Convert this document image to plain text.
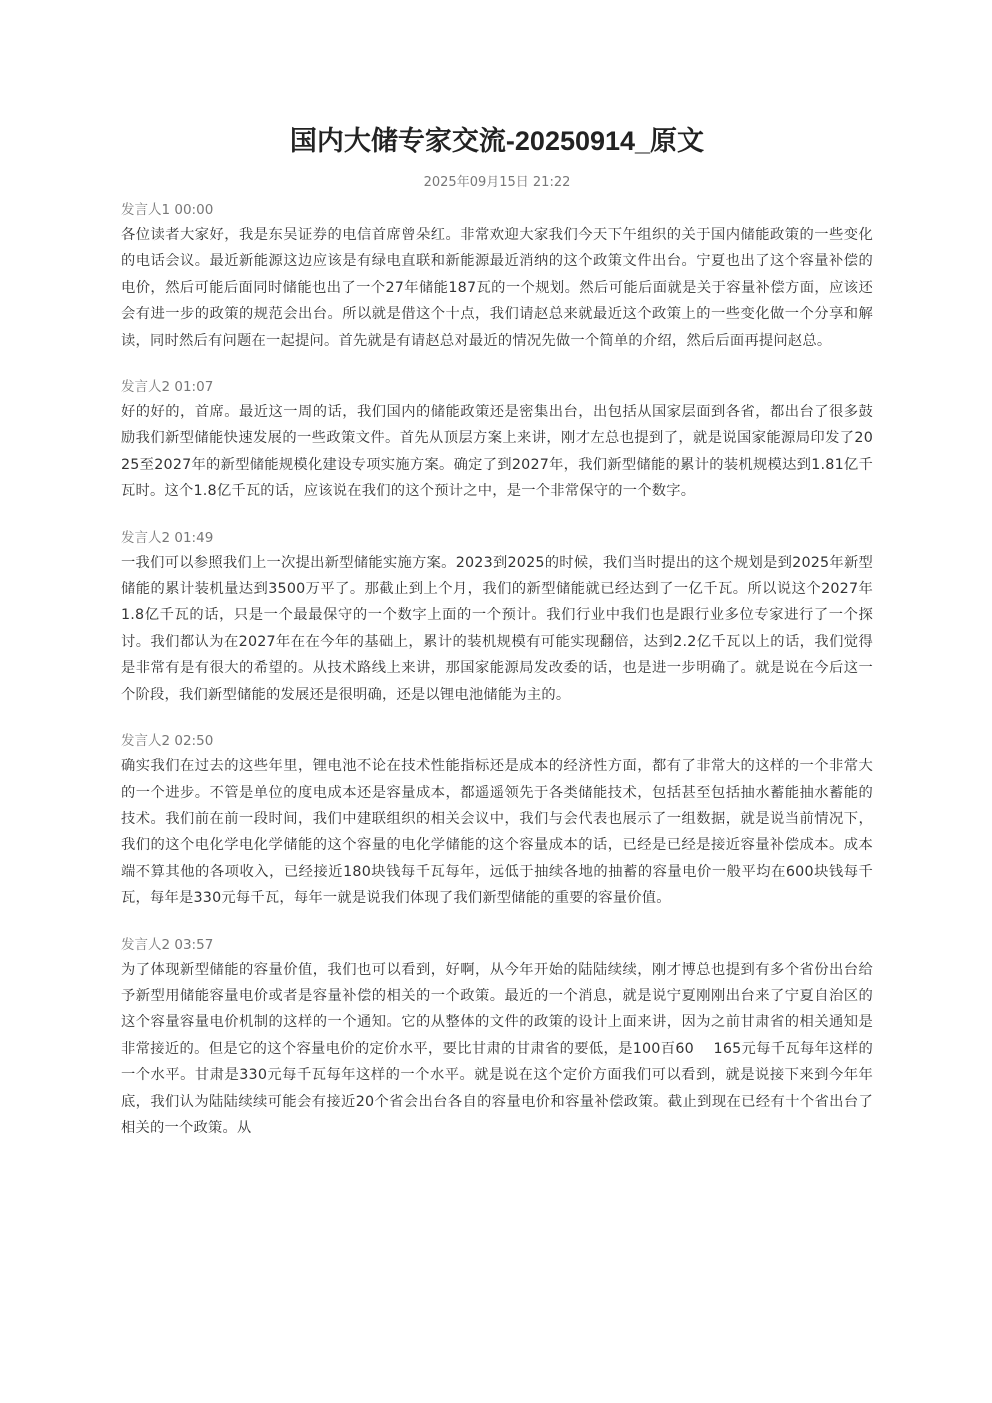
国内大储专家交流-20250914_原文
2025年09月15日 21:22
发言人1 00:00

各位读者大家好，我是东吴证券的电信首席曾朵红。非常欢迎大家我们今天下午组织的关于国内储能政策的一些变化的电话会议。最近新能源这边应该是有绿电直联和新能源最近消纳的这个政策文件出台。宁夏也出了这个容量补偿的电价，然后可能后面同时储能也出了一个27年储能187瓦的一个规划。然后可能后面就是关于容量补偿方面，应该还会有进一步的政策的规范会出台。所以就是借这个十点，我们请赵总来就最近这个政策上的一些变化做一个分享和解读，同时然后有问题在一起提问。首先就是有请赵总对最近的情况先做一个简单的介绍，然后后面再提问赵总。

发言人2 01:07

好的好的，首席。最近这一周的话，我们国内的储能政策还是密集出台，出包括从国家层面到各省，都出台了很多鼓励我们新型储能快速发展的一些政策文件。首先从顶层方案上来讲，刚才左总也提到了，就是说国家能源局印发了2025至2027年的新型储能规模化建设专项实施方案。确定了到2027年，我们新型储能的累计的装机规模达到1.81亿千瓦时。这个1.8亿千瓦的话，应该说在我们的这个预计之中，是一个非常保守的一个数字。

发言人2 01:49

一我们可以参照我们上一次提出新型储能实施方案。2023到2025的时候，我们当时提出的这个规划是到2025年新型储能的累计装机量达到3500万平了。那截止到上个月，我们的新型储能就已经达到了一亿千瓦。所以说这个2027年1.8亿千瓦的话，只是一个最最保守的一个数字上面的一个预计。我们行业中我们也是跟行业多位专家进行了一个探讨。我们都认为在2027年在在今年的基础上，累计的装机规模有可能实现翻倍，达到2.2亿千瓦以上的话，我们觉得是非常有是有很大的希望的。从技术路线上来讲，那国家能源局发改委的话，也是进一步明确了。就是说在今后这一个阶段，我们新型储能的发展还是很明确，还是以锂电池储能为主的。

发言人2 02:50

确实我们在过去的这些年里，锂电池不论在技术性能指标还是成本的经济性方面，都有了非常大的这样的一个非常大的一个进步。不管是单位的度电成本还是容量成本，都遥遥领先于各类储能技术，包括甚至包括抽水蓄能抽水蓄能的技术。我们前在前一段时间，我们中建联组织的相关会议中，我们与会代表也展示了一组数据，就是说当前情况下，我们的这个电化学电化学储能的这个容量的电化学储能的这个容量成本的话，已经是已经是接近容量补偿成本。成本端不算其他的各项收入，已经接近180块钱每千瓦每年，远低于抽续各地的抽蓄的容量电价一般平均在600块钱每千瓦，每年是330元每千瓦，每年一就是说我们体现了我们新型储能的重要的容量价值。

发言人2 03:57

为了体现新型储能的容量价值，我们也可以看到，好啊，从今年开始的陆陆续续，刚才博总也提到有多个省份出台给予新型用储能容量电价或者是容量补偿的相关的一个政策。最近的一个消息，就是说宁夏刚刚出台来了宁夏自治区的这个容量容量电价机制的这样的一个通知。它的从整体的文件的政策的设计上面来讲，因为之前甘肃省的相关通知是非常接近的。但是它的这个容量电价的定价水平，要比甘肃的甘肃省的要低，是100百60　 165元每千瓦每年这样的一个水平。甘肃是330元每千瓦每年这样的一个水平。就是说在这个定价方面我们可以看到，就是说接下来到今年年底，我们认为陆陆续续可能会有接近20个省会出台各自的容量电价和容量补偿政策。截止到现在已经有十个省出台了相关的一个政策。从
